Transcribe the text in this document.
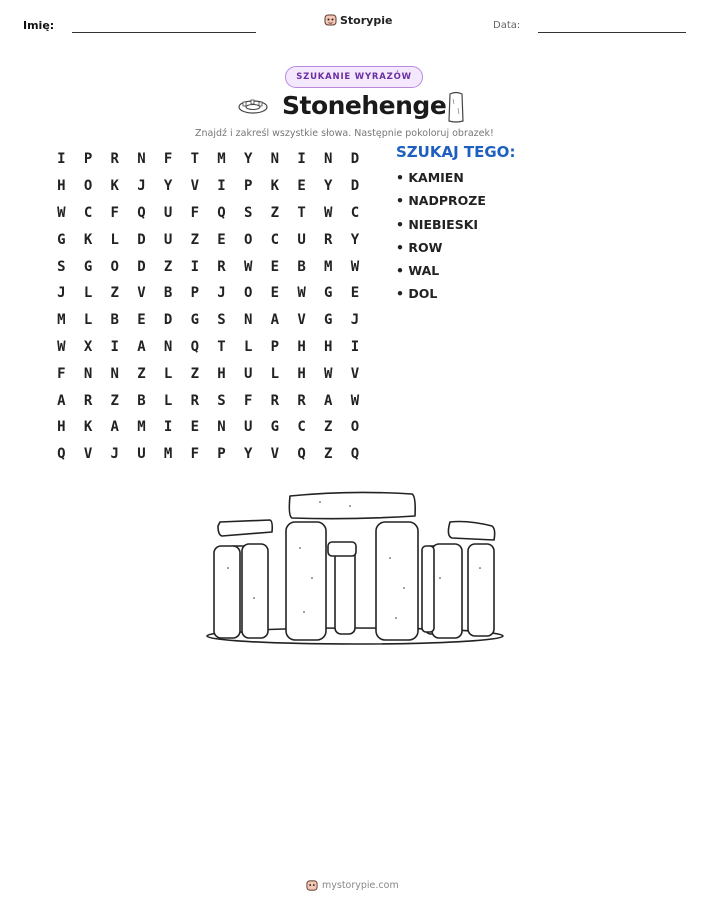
Imię:	Storypie	Data:
SZUKANIE WYRAZÓW
Stonehenge
Znajdź i zakreśl wszystkie słowa. Następnie pokoloruj obrazek!
I	P	R	N	F	T	M	Y	N	I	N	D
H	O	K	J	Y	V	I	P	K	E	Y	D
W	C	F	Q	U	F	Q	S	Z	T	W	C
G	K	L	D	U	Z	E	O	C	U	R	Y
S	G	O	D	Z	I	R	W	E	B	M	W
J	L	Z	V	B	P	J	O	E	W	G	E
M	L	B	E	D	G	S	N	A	V	G	J
W	X	I	A	N	Q	T	L	P	H	H	I
F	N	N	Z	L	Z	H	U	L	H	W	V
A	R	Z	B	L	R	S	F	R	R	A	W
H	K	A	M	I	E	N	U	G	C	Z	O
Q	V	J	U	M	F	P	Y	V	Q	Z	Q
SZUKAJ TEGO:
• KAMIEN
• NADPROZE
• NIEBIESKI
• ROW
• WAL
• DOL
mystorypie.com
